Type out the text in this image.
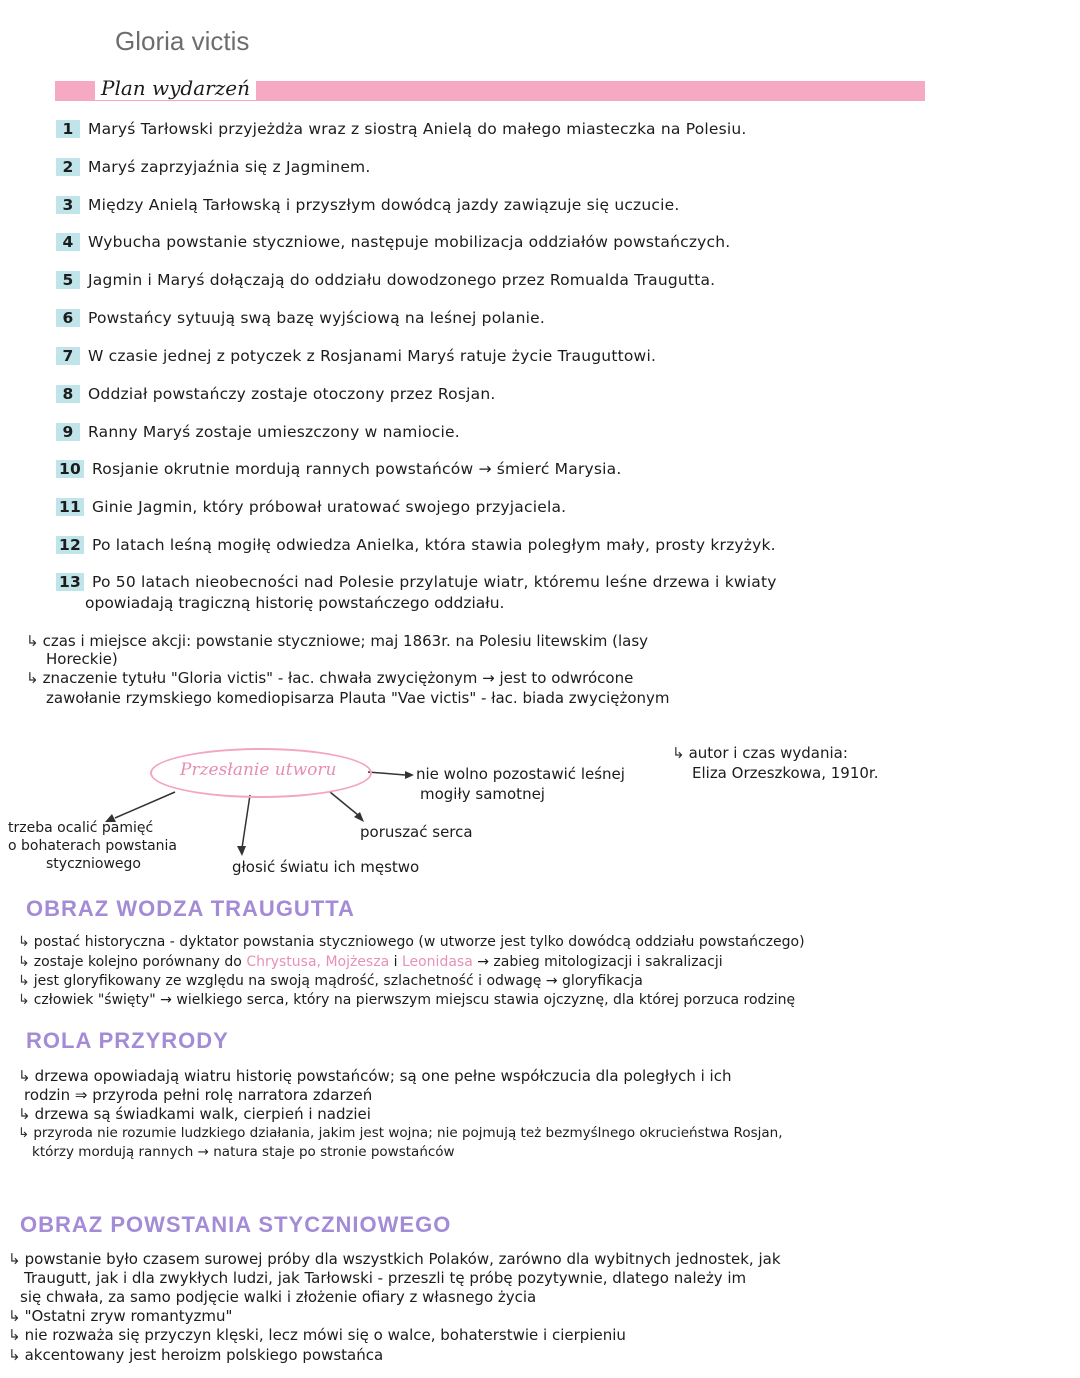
Gloria victis
Plan wydarzeń
1 Maryś Tarłowski przyjeżdża wraz z siostrą Anielą do małego miasteczka na Polesiu.
2 Maryś zaprzyjaźnia się z Jagminem.
3 Między Anielą Tarłowską i przyszłym dowódcą jazdy zawiązuje się uczucie.
4 Wybucha powstanie styczniowe, następuje mobilizacja oddziałów powstańczych.
5 Jagmin i Maryś dołączają do oddziału dowodzonego przez Romualda Traugutta.
6 Powstańcy sytuują swą bazę wyjściową na leśnej polanie.
7 W czasie jednej z potyczek z Rosjanami Maryś ratuje życie Trauguttowi.
8 Oddział powstańczy zostaje otoczony przez Rosjan.
9 Ranny Maryś zostaje umieszczony w namiocie.
10 Rosjanie okrutnie mordują rannych powstańców → śmierć Marysia.
11 Ginie Jagmin, który próbował uratować swojego przyjaciela.
12 Po latach leśną mogiłę odwiedza Anielka, która stawia poległym mały, prosty krzyżyk.
13 Po 50 latach nieobecności nad Polesie przylatuje wiatr, któremu leśne drzewa i kwiaty
opowiadają tragiczną historię powstańczego oddziału.
↳ czas i miejsce akcji: powstanie styczniowe; maj 1863r. na Polesiu litewskim (lasy
Horeckie)
↳ znaczenie tytułu "Gloria victis" - łac. chwała zwyciężonym → jest to odwrócone
zawołanie rzymskiego komediopisarza Plauta "Vae victis" - łac. biada zwyciężonym
↳ autor i czas wydania:
Eliza Orzeszkowa, 1910r.
Przesłanie utworu	nie wolno pozostawić leśnej
mogiły samotnej
poruszać serca
głosić światu ich męstwo
trzeba ocalić pamięć
o bohaterach powstania
styczniowego
OBRAZ WODZA TRAUGUTTA
↳ postać historyczna - dyktator powstania styczniowego (w utworze jest tylko dowódcą oddziału powstańczego)
↳ zostaje kolejno porównany do Chrystusa, Mojżesza i Leonidasa → zabieg mitologizacji i sakralizacji
↳ jest gloryfikowany ze względu na swoją mądrość, szlachetność i odwagę → gloryfikacja
↳ człowiek "święty" → wielkiego serca, który na pierwszym miejscu stawia ojczyznę, dla której porzuca rodzinę
ROLA PRZYRODY
↳ drzewa opowiadają wiatru historię powstańców; są one pełne współczucia dla poległych i ich
rodzin ⇒ przyroda pełni rolę narratora zdarzeń
↳ drzewa są świadkami walk, cierpień i nadziei
↳ przyroda nie rozumie ludzkiego działania, jakim jest wojna; nie pojmują też bezmyślnego okrucieństwa Rosjan,
którzy mordują rannych → natura staje po stronie powstańców
OBRAZ POWSTANIA STYCZNIOWEGO
↳ powstanie było czasem surowej próby dla wszystkich Polaków, zarówno dla wybitnych jednostek, jak
Traugutt, jak i dla zwykłych ludzi, jak Tarłowski - przeszli tę próbę pozytywnie, dlatego należy im
się chwała, za samo podjęcie walki i złożenie ofiary z własnego życia
↳ "Ostatni zryw romantyzmu"
↳ nie rozważa się przyczyn klęski, lecz mówi się o walce, bohaterstwie i cierpieniu
↳ akcentowany jest heroizm polskiego powstańca
